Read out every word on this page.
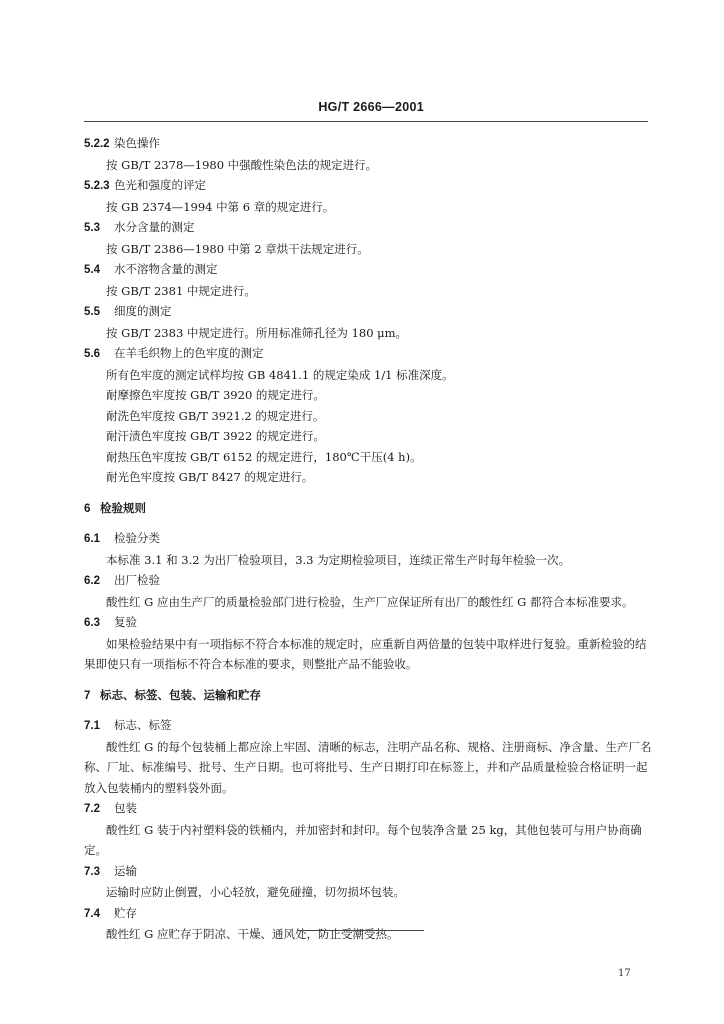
HG/T 2666—2001
5.2.2 染色操作
按 GB/T 2378—1980 中强酸性染色法的规定进行。
5.2.3 色光和强度的评定
按 GB 2374—1994 中第 6 章的规定进行。
5.3 水分含量的测定
按 GB/T 2386—1980 中第 2 章烘干法规定进行。
5.4 水不溶物含量的测定
按 GB/T 2381 中规定进行。
5.5 细度的测定
按 GB/T 2383 中规定进行。所用标准筛孔径为 180 μm。
5.6 在羊毛织物上的色牢度的测定
所有色牢度的测定试样均按 GB 4841.1 的规定染成 1/1 标准深度。
耐摩擦色牢度按 GB/T 3920 的规定进行。
耐洗色牢度按 GB/T 3921.2 的规定进行。
耐汗渍色牢度按 GB/T 3922 的规定进行。
耐热压色牢度按 GB/T 6152 的规定进行，180℃干压(4 h)。
耐光色牢度按 GB/T 8427 的规定进行。
6 检验规则
6.1 检验分类
本标准 3.1 和 3.2 为出厂检验项目，3.3 为定期检验项目，连续正常生产时每年检验一次。
6.2 出厂检验
酸性红 G 应由生产厂的质量检验部门进行检验，生产厂应保证所有出厂的酸性红 G 都符合本标准要求。
6.3 复验
如果检验结果中有一项指标不符合本标准的规定时，应重新自两倍量的包装中取样进行复验。重新检验的结果即使只有一项指标不符合本标准的要求，则整批产品不能验收。
7 标志、标签、包装、运输和贮存
7.1 标志、标签
酸性红 G 的每个包装桶上都应涂上牢固、清晰的标志，注明产品名称、规格、注册商标、净含量、生产厂名称、厂址、标准编号、批号、生产日期。也可将批号、生产日期打印在标签上，并和产品质量检验合格证明一起放入包装桶内的塑料袋外面。
7.2 包装
酸性红 G 装于内衬塑料袋的铁桶内，并加密封和封印。每个包装净含量 25 kg，其他包装可与用户协商确定。
7.3 运输
运输时应防止倒置，小心轻放，避免碰撞，切勿损坏包装。
7.4 贮存
酸性红 G 应贮存于阴凉、干燥、通风处，防止受潮受热。
17
